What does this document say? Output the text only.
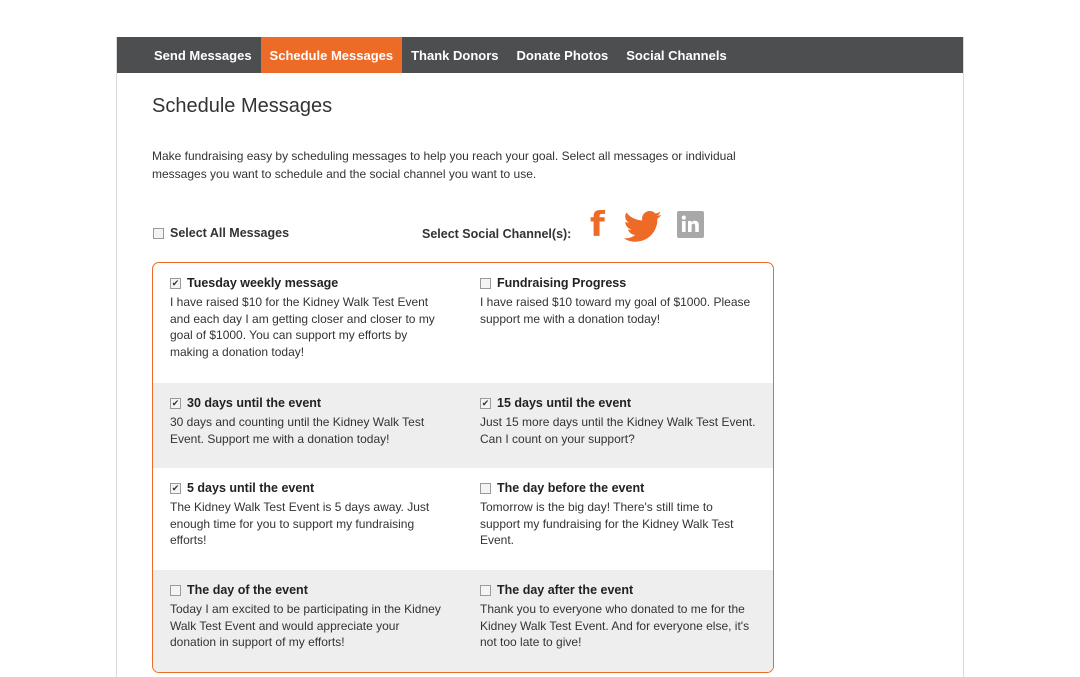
Send Messages	Schedule Messages	Thank Donors	Donate Photos	Social Channels
Schedule Messages

Make fundraising easy by scheduling messages to help you reach your goal. Select all messages or individual messages you want to schedule and the social channel you want to use.

Select All Messages	Select Social Channel(s): f
✔ Tuesday weekly message

I have raised $10 for the Kidney Walk Test Event and each day I am getting closer and closer to my goal of $1000. You can support my efforts by making a donation today!

Fundraising Progress

I have raised $10 toward my goal of $1000. Please support me with a donation today!

✔ 30 days until the event

30 days and counting until the Kidney Walk Test Event. Support me with a donation today!

✔ 15 days until the event

Just 15 more days until the Kidney Walk Test Event. Can I count on your support?

✔ 5 days until the event

The Kidney Walk Test Event is 5 days away. Just enough time for you to support my fundraising efforts!

The day before the event

Tomorrow is the big day! There's still time to support my fundraising for the Kidney Walk Test Event.

The day of the event

Today I am excited to be participating in the Kidney Walk Test Event and would appreciate your donation in support of my efforts!

The day after the event

Thank you to everyone who donated to me for the Kidney Walk Test Event. And for everyone else, it's not too late to give!
